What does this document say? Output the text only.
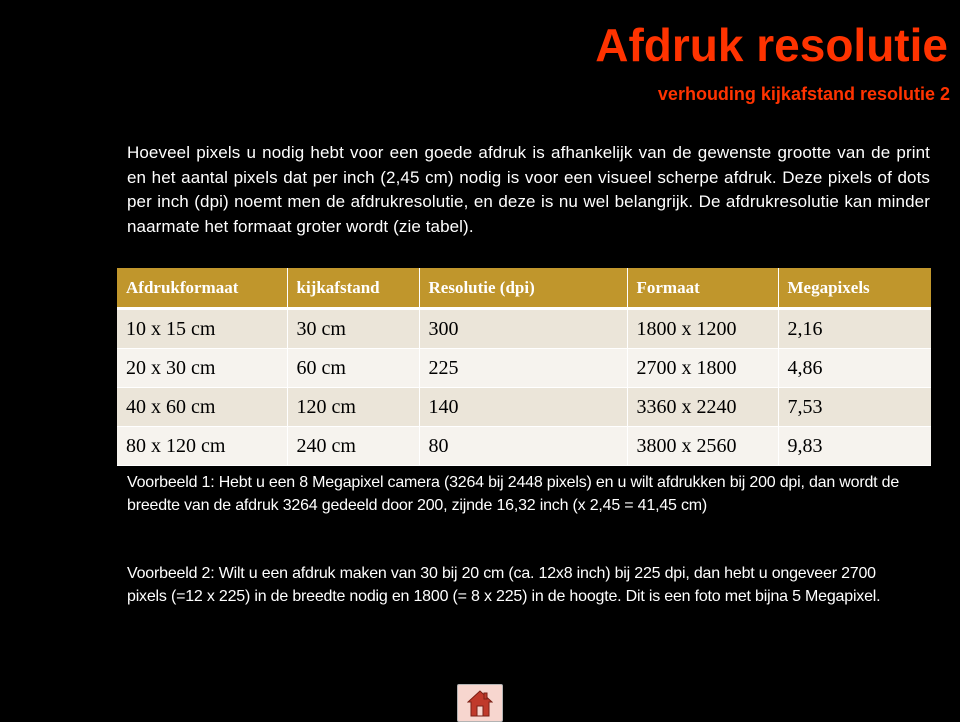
Afdruk resolutie
verhouding kijkafstand resolutie 2
Hoeveel pixels u nodig hebt voor een goede afdruk is afhankelijk van de gewenste grootte van de print en het aantal pixels dat per inch (2,45 cm) nodig is voor een visueel scherpe afdruk. Deze pixels of dots per inch (dpi) noemt men de afdrukresolutie, en deze is nu wel belangrijk. De afdrukresolutie kan minder naarmate het formaat groter wordt (zie tabel).
Afdrukformaat	kijkafstand	Resolutie (dpi)	Formaat	Megapixels
10 x 15 cm	30 cm	300	1800 x 1200	2,16
20 x 30 cm	60 cm	225	2700 x 1800	4,86
40 x 60 cm	120 cm	140	3360 x 2240	7,53
80 x 120 cm	240 cm	80	3800 x 2560	9,83
Voorbeeld 1: Hebt u een 8 Megapixel camera (3264 bij 2448 pixels) en u wilt afdrukken bij 200 dpi, dan wordt de breedte van de afdruk 3264 gedeeld door 200, zijnde 16,32 inch (x 2,45 = 41,45 cm)
Voorbeeld 2: Wilt u een afdruk maken van 30 bij 20 cm (ca. 12x8 inch) bij 225 dpi, dan hebt u ongeveer 2700 pixels (=12 x 225) in de breedte nodig en 1800 (= 8 x 225) in de hoogte. Dit is een foto met bijna 5 Megapixel.
